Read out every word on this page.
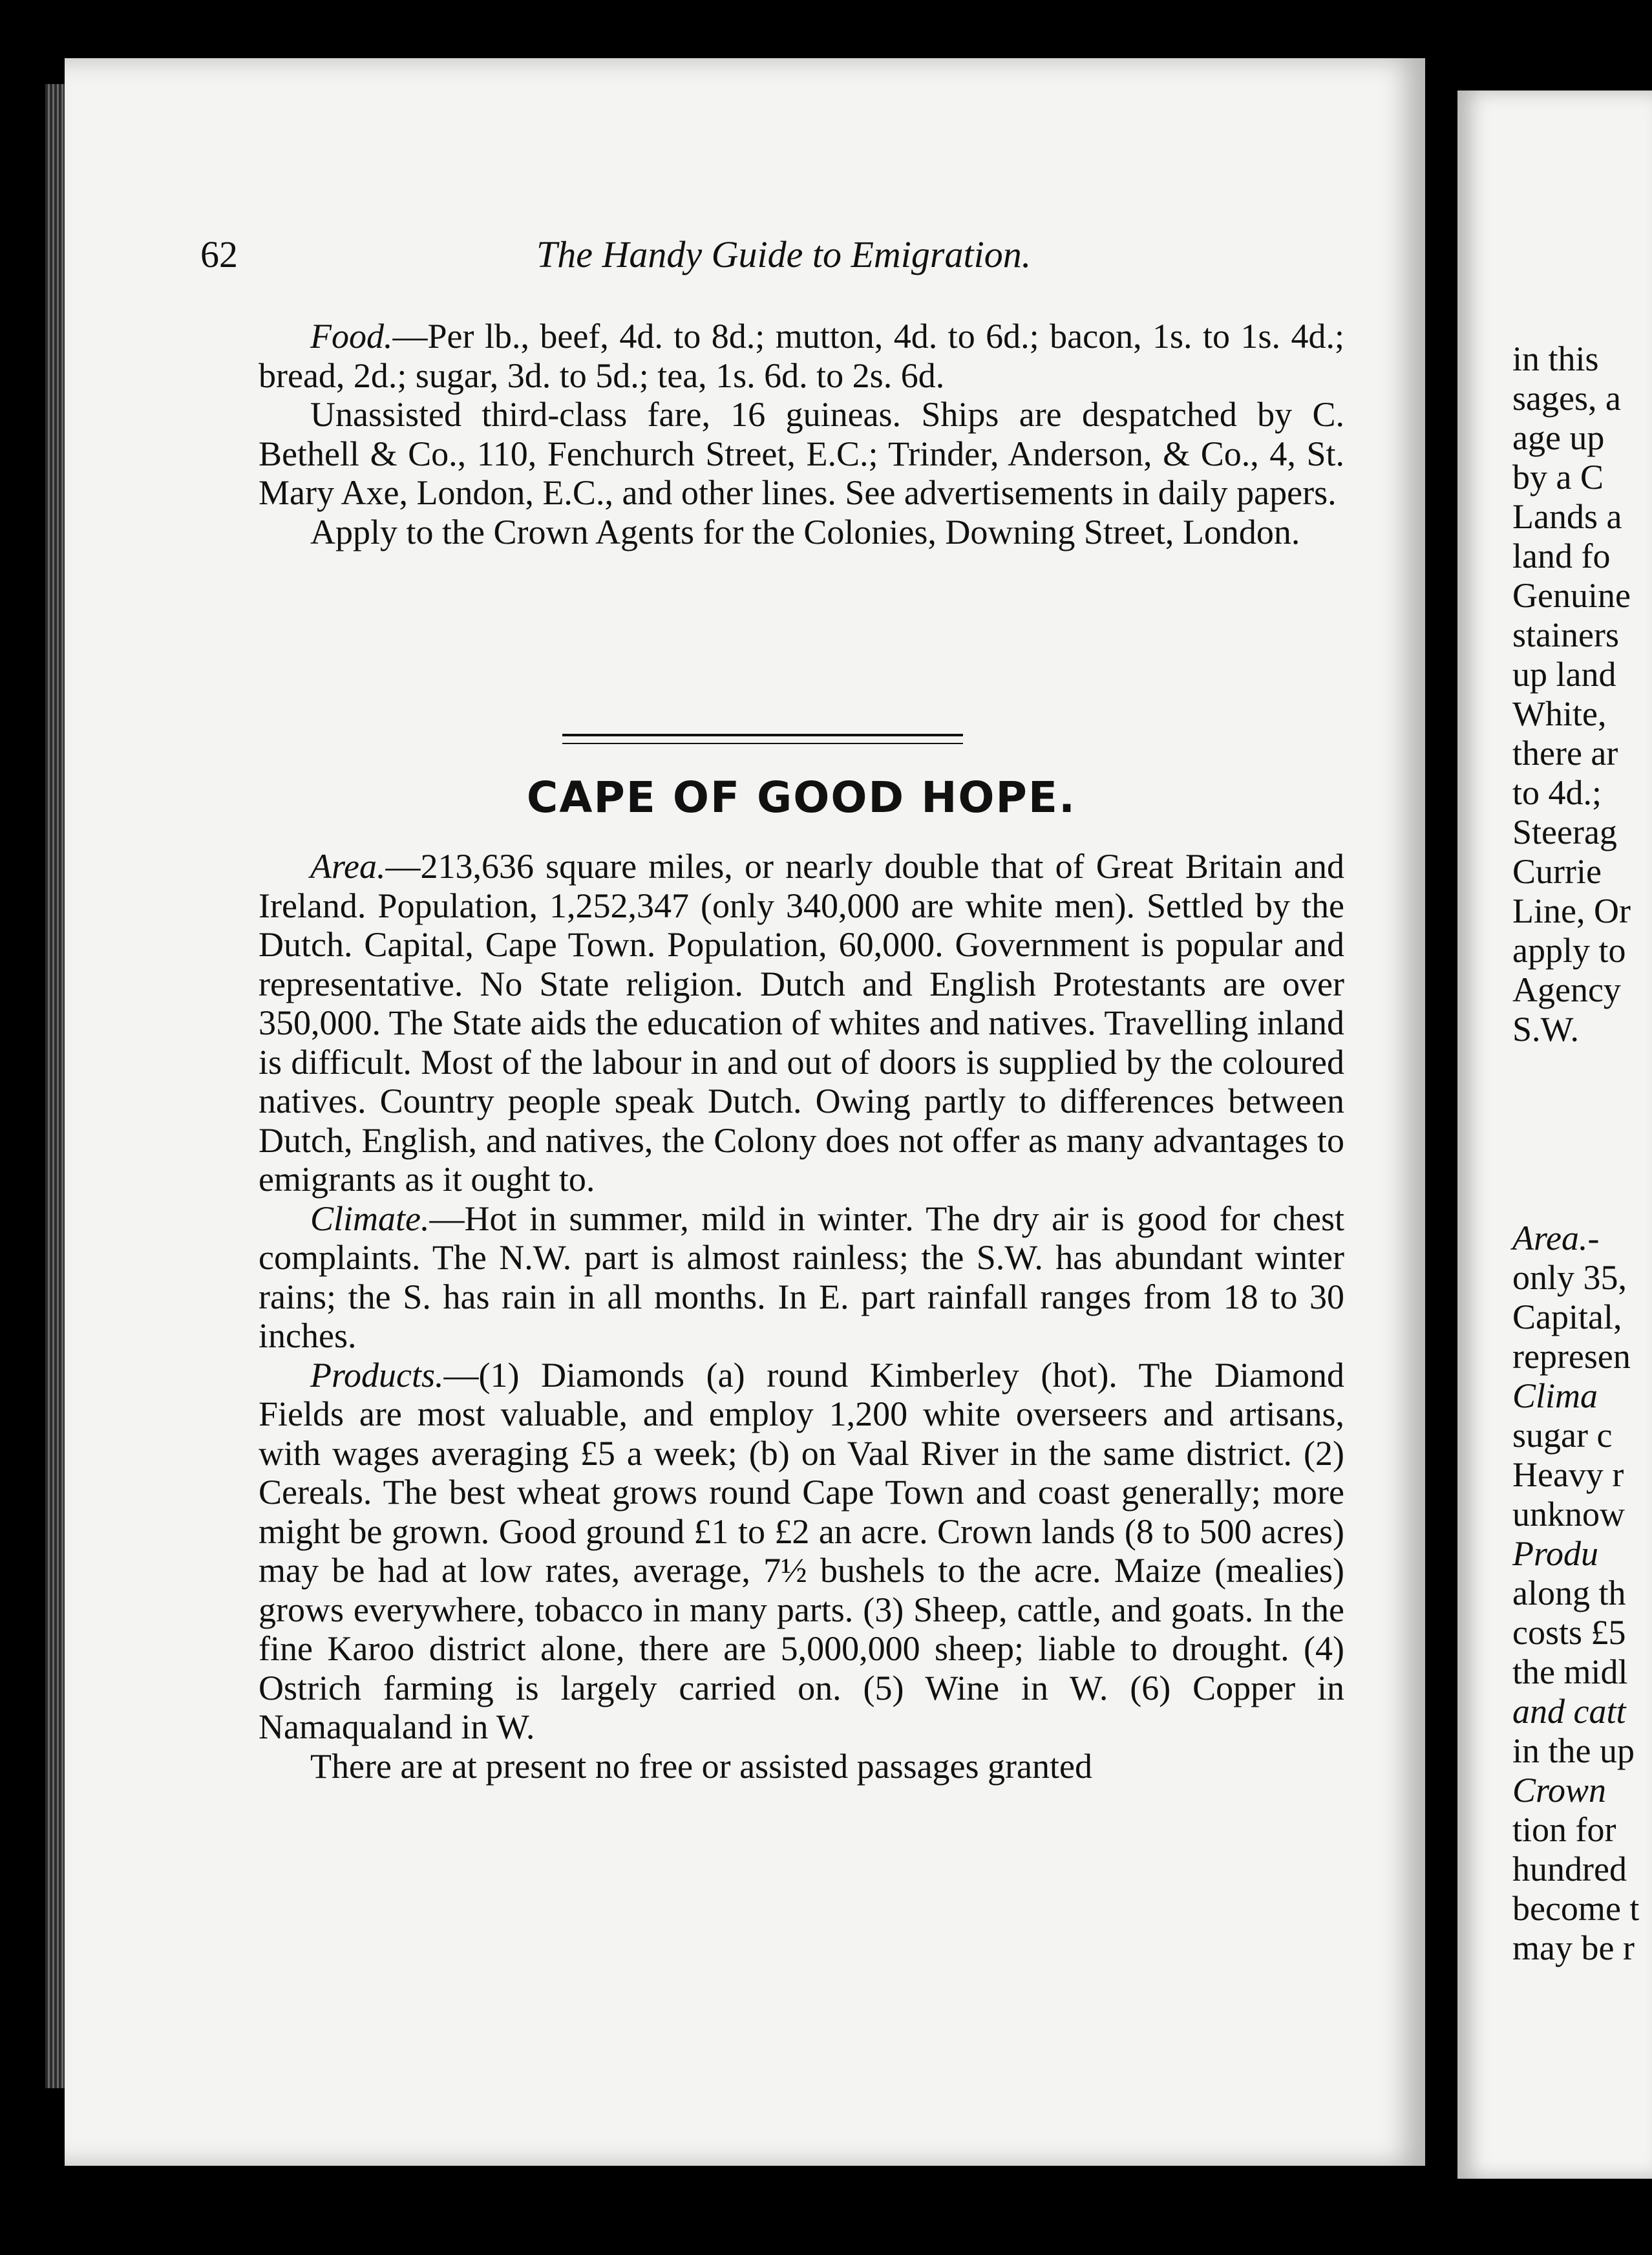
62	The Handy Guide to Emigration.

Food.—Per lb., beef, 4d. to 8d.; mutton, 4d. to 6d.; bacon, 1s. to 1s. 4d.; bread, 2d.; sugar, 3d. to 5d.; tea, 1s. 6d. to 2s. 6d.

Unassisted third-class fare, 16 guineas. Ships are despatched by C. Bethell & Co., 110, Fenchurch Street, E.C.; Trinder, Anderson, & Co., 4, St. Mary Axe, London, E.C., and other lines. See advertisements in daily papers.

Apply to the Crown Agents for the Colonies, Downing Street, London.

CAPE OF GOOD HOPE.

Area.—213,636 square miles, or nearly double that of Great Britain and Ireland. Population, 1,252,347 (only 340,000 are white men). Settled by the Dutch. Capital, Cape Town. Population, 60,000. Government is popular and representative. No State religion. Dutch and English Protestants are over 350,000. The State aids the education of whites and natives. Travelling inland is difficult. Most of the labour in and out of doors is supplied by the coloured natives. Country people speak Dutch. Owing partly to differences between Dutch, English, and natives, the Colony does not offer as many advantages to emigrants as it ought to.

Climate.—Hot in summer, mild in winter. The dry air is good for chest complaints. The N.W. part is almost rainless; the S.W. has abundant winter rains; the S. has rain in all months. In E. part rainfall ranges from 18 to 30 inches.

Products.—(1) Diamonds (a) round Kimberley (hot). The Diamond Fields are most valuable, and employ 1,200 white overseers and artisans, with wages averaging £5 a week; (b) on Vaal River in the same district. (2) Cereals. The best wheat grows round Cape Town and coast generally; more might be grown. Good ground £1 to £2 an acre. Crown lands (8 to 500 acres) may be had at low rates, average, 7½ bushels to the acre. Maize (mealies) grows everywhere, tobacco in many parts. (3) Sheep, cattle, and goats. In the fine Karoo district alone, there are 5,000,000 sheep; liable to drought. (4) Ostrich farming is largely carried on. (5) Wine in W. (6) Copper in Namaqualand in W.

There are at present no free or assisted passages granted

in this
sages, a
age up
by a C
Lands a
land fo
Genuine
stainers
up land
White,
there ar
to 4d.;
Steerag
Currie
Line, Or
apply to
Agency
S.W.
Area.-
only 35,
Capital,
represen
Clima
sugar c
Heavy r
unknow
Produ
along th
costs £5
the midl
and catt
in the up
Crown
tion for
hundred
become t
may be r
